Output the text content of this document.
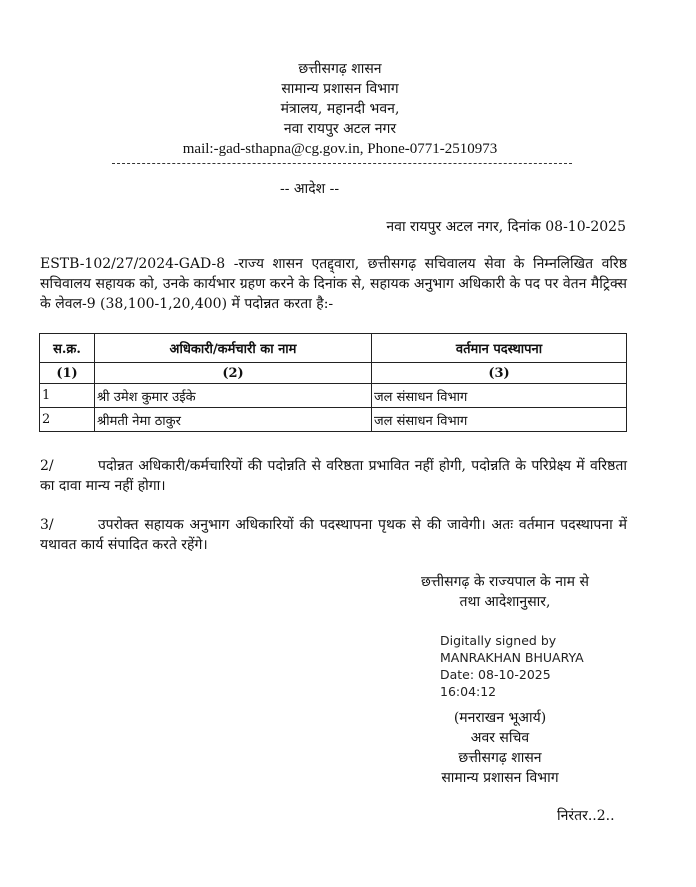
छत्तीसगढ़ शासन
सामान्य प्रशासन विभाग
मंत्रालय, महानदी भवन,
नवा रायपुर अटल नगर
mail:-gad-sthapna@cg.gov.in, Phone-0771-2510973
-- आदेश --
नवा रायपुर अटल नगर, दिनांक 08-10-2025
ESTB-102/27/2024-GAD-8 -राज्य शासन एतद्द्वारा, छत्तीसगढ़ सचिवालय सेवा के निम्नलिखित वरिष्ठ सचिवालय सहायक को, उनके कार्यभार ग्रहण करने के दिनांक से, सहायक अनुभाग अधिकारी के पद पर वेतन मैट्रिक्स के लेवल-9 (38,100-1,20,400) में पदोन्नत करता है:-
स.क्र.	अधिकारी/कर्मचारी का नाम	वर्तमान पदस्थापना
(1)	(2)	(3)
1	श्री उमेश कुमार उईके	जल संसाधन विभाग
2	श्रीमती नेमा ठाकुर	जल संसाधन विभाग
2/	पदोन्नत अधिकारी/कर्मचारियों की पदोन्नति से वरिष्ठता प्रभावित नहीं होगी, पदोन्नति के परिप्रेक्ष्य में वरिष्ठता का दावा मान्य नहीं होगा।
3/	उपरोक्त सहायक अनुभाग अधिकारियों की पदस्थापना पृथक से की जावेगी। अतः वर्तमान पदस्थापना में यथावत कार्य संपादित करते रहेंगे।
छत्तीसगढ़ के राज्यपाल के नाम से
तथा आदेशानुसार,
Digitally signed by
MANRAKHAN BHUARYA
Date: 08-10-2025
16:04:12
(मनराखन भूआर्य)
अवर सचिव
छत्तीसगढ़ शासन
सामान्य प्रशासन विभाग
निरंतर..2..
